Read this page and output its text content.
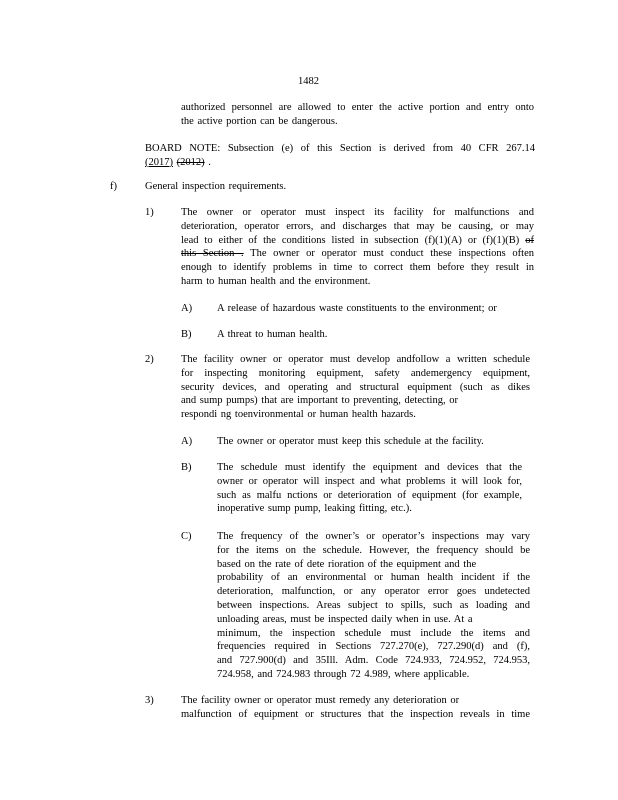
1482
authorized personnel are allowed to enter the active portion and entry onto
the active portion can be dangerous.
BOARD NOTE: Subsection (e) of this Section is derived from 40 CFR 267.14
(2017) (2012) .
f)	General inspection requirements.
1)	The owner or operator must inspect its facility for malfunctions and
deterioration, operator errors, and discharges that may be causing, or may
lead to either of the conditions listed in subsection (f)(1)(A) or (f)(1)(B) of
this Section . The owner or operator must conduct these inspections often
enough to identify problems in time to correct them before they result in
harm to human health and the environment.
A) A release of hazardous waste constituents to the environment; or
B) A threat to human health.
2)	The facility owner or operator must develop andfollow a written schedule
for inspecting monitoring equipment, safety andemergency equipment,
security devices, and operating and structural equipment (such as dikes
and sump pumps) that are important to preventing, detecting, or
respondi ng toenvironmental or human health hazards.
A) The owner or operator must keep this schedule at the facility.
B) The schedule must identify the equipment and devices that the
owner or operator will inspect and what problems it will look for,
such as malfu nctions or deterioration of equipment (for example,
inoperative sump pump, leaking fitting, etc.).
C) The frequency of the owner’s or operator’s inspections may vary
for the items on the schedule. However, the frequency should be
based on the rate of dete rioration of the equipment and the
probability of an environmental or human health incident if the
deterioration, malfunction, or any operator error goes undetected
between inspections. Areas subject to spills, such as loading and
unloading areas, must be inspected daily when in use. At a
minimum, the inspection schedule must include the items and
frequencies required in Sections 727.270(e), 727.290(d) and (f),
and 727.900(d) and 35Ill. Adm. Code 724.933, 724.952, 724.953,
724.958, and 724.983 through 72 4.989, where applicable.
3)	The facility owner or operator must remedy any deterioration or
malfunction of equipment or structures that the inspection reveals in time
